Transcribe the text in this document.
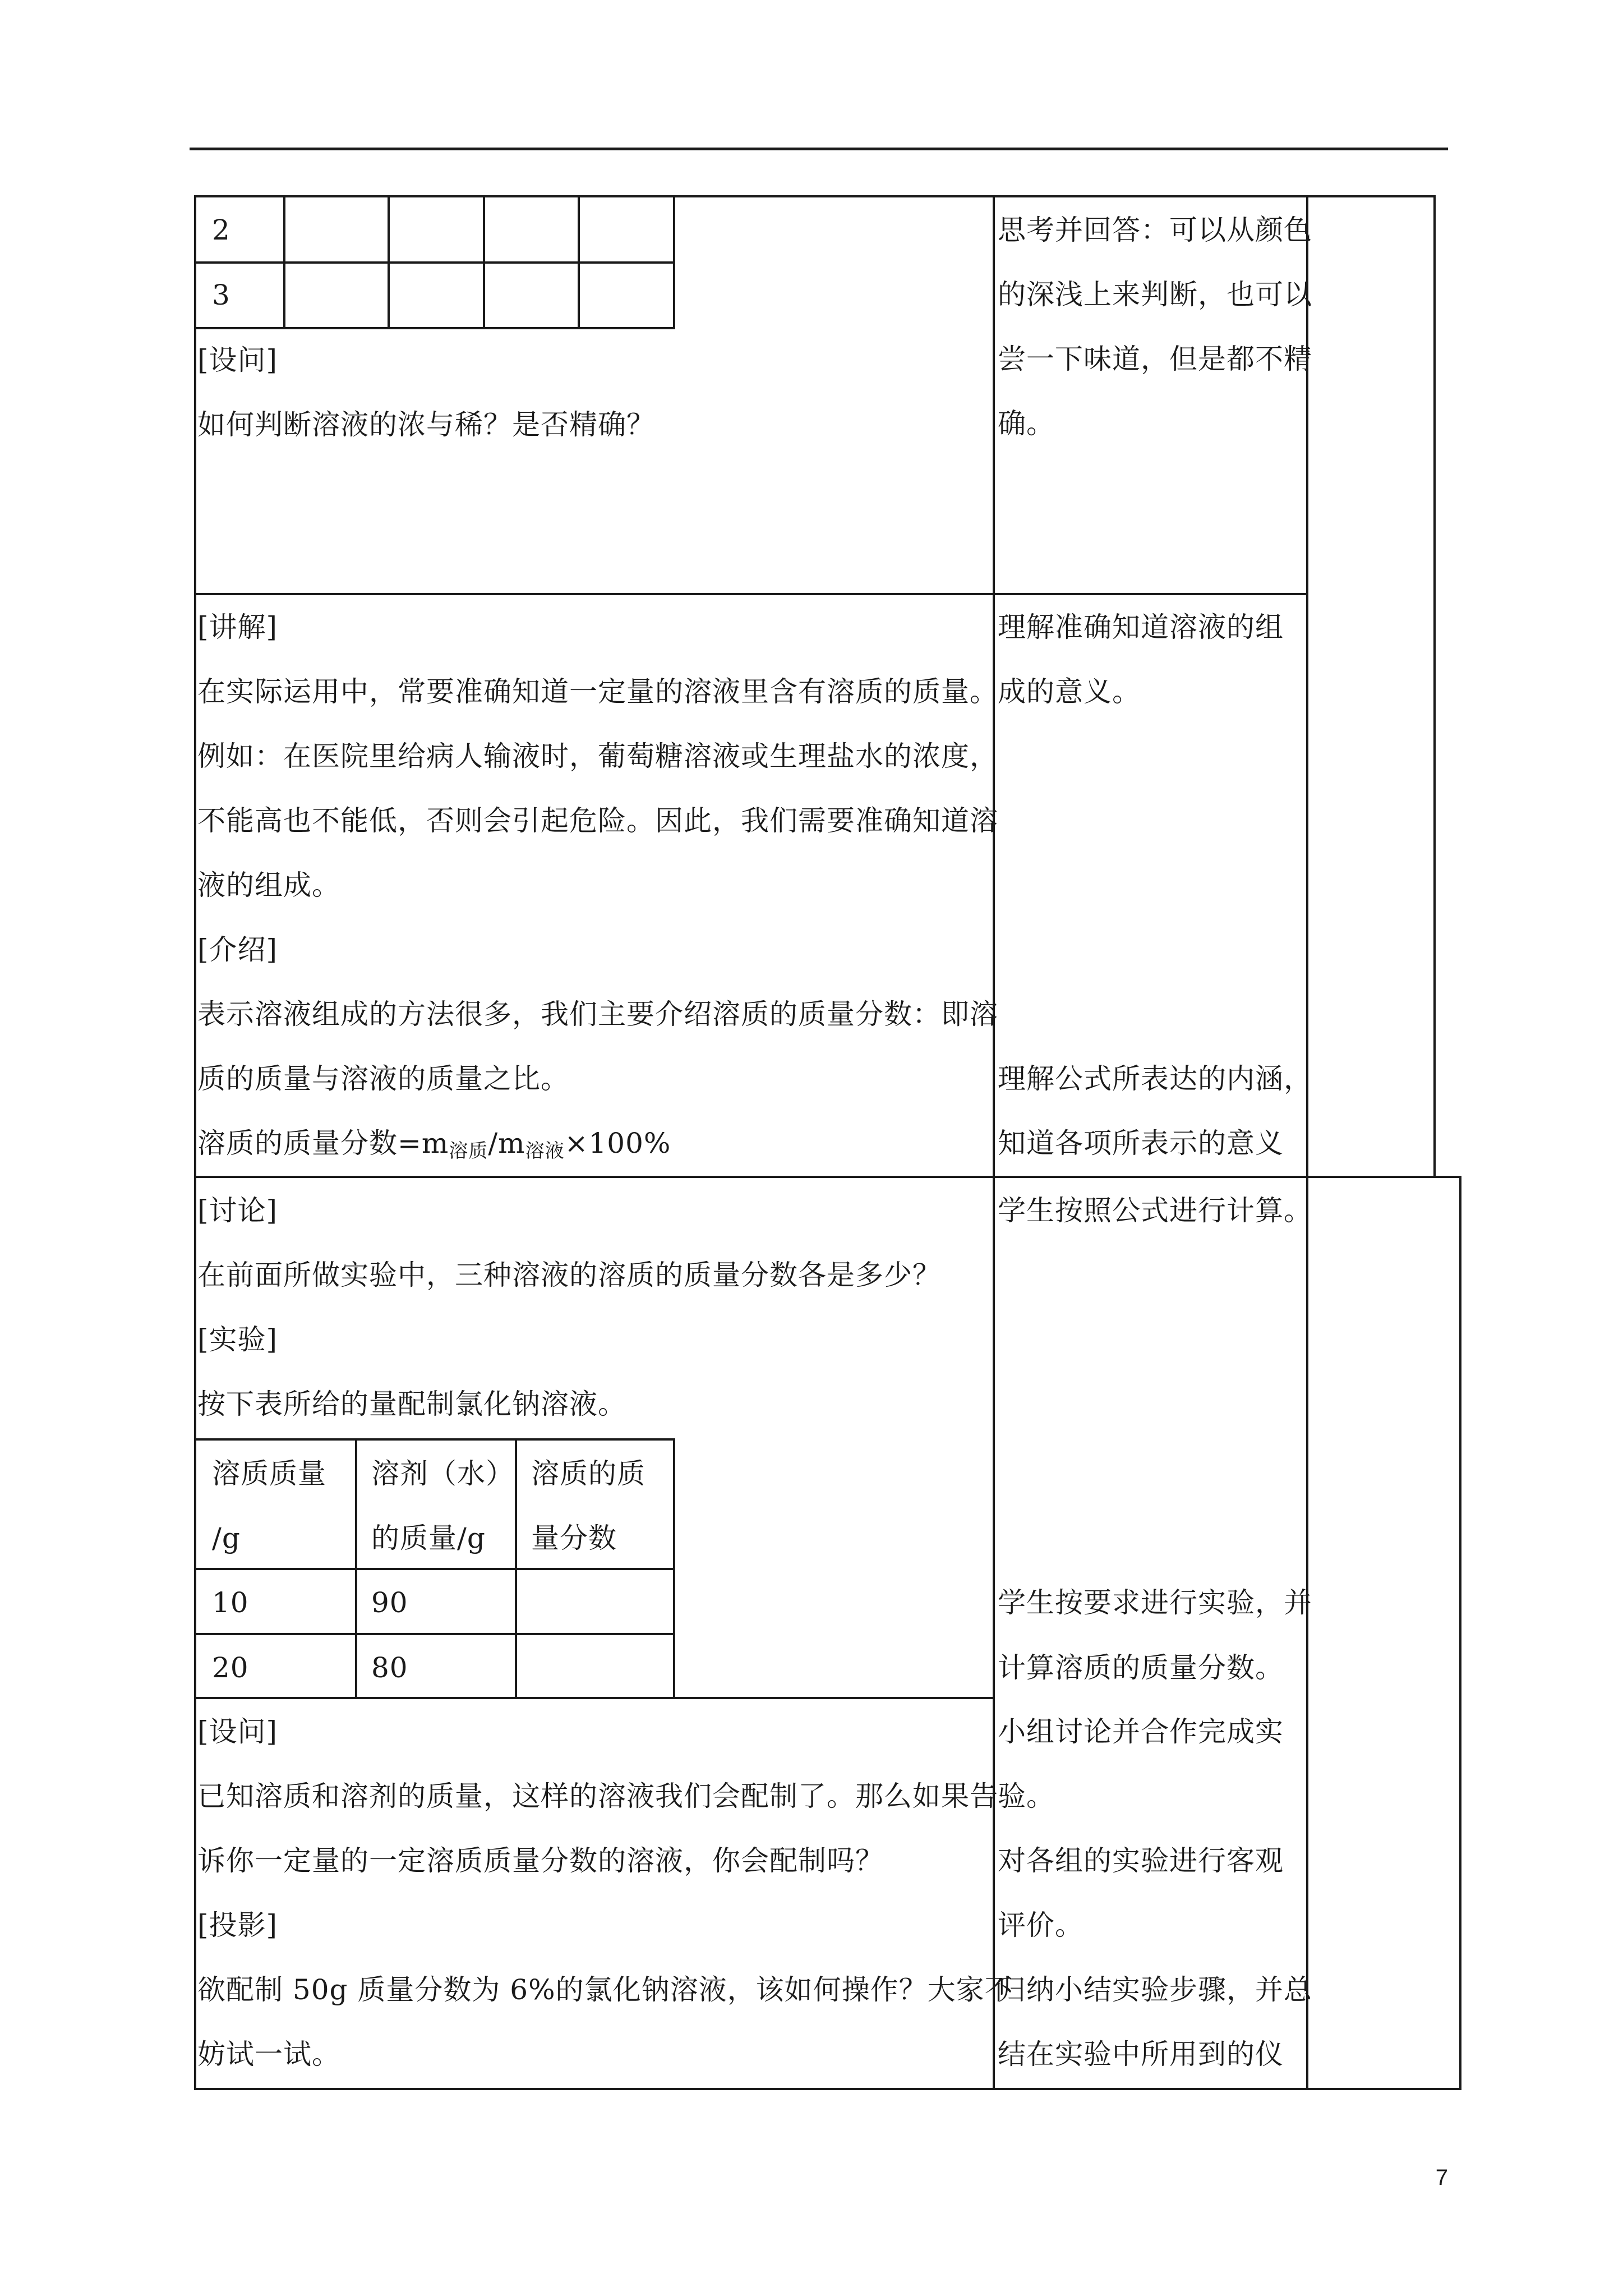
2
3
[设问]
如何判断溶液的浓与稀？是否精确？
思考并回答：可以从颜色
的深浅上来判断，也可以
尝一下味道，但是都不精
确。
[讲解]
在实际运用中，常要准确知道一定量的溶液里含有溶质的质量。
例如：在医院里给病人输液时，葡萄糖溶液或生理盐水的浓度，
不能高也不能低，否则会引起危险。因此，我们需要准确知道溶
液的组成。
[介绍]
表示溶液组成的方法很多，我们主要介绍溶质的质量分数：即溶
质的质量与溶液的质量之比。
溶质的质量分数$=m_{溶质}/m_{溶液}\times 100\%$
理解准确知道溶液的组
成的意义。
理解公式所表达的内涵，
知道各项所表示的意义
[讨论]
在前面所做实验中，三种溶液的溶质的质量分数各是多少？
[实验]
按下表所给的量配制氯化钠溶液。
溶质质量
/g
溶剂（水）
的质量/g
溶质的质
量分数
10	90
20	80
学生按照公式进行计算。
学生按要求进行实验，并
计算溶质的质量分数。
[设问]
已知溶质和溶剂的质量，这样的溶液我们会配制了。那么如果告
诉你一定量的一定溶质质量分数的溶液，你会配制吗？
[投影]
欲配制 50g 质量分数为 6%的氯化钠溶液，该如何操作？大家不
妨试一试。
小组讨论并合作完成实
验。
对各组的实验进行客观
评价。
归纳小结实验步骤，并总
结在实验中所用到的仪
7
